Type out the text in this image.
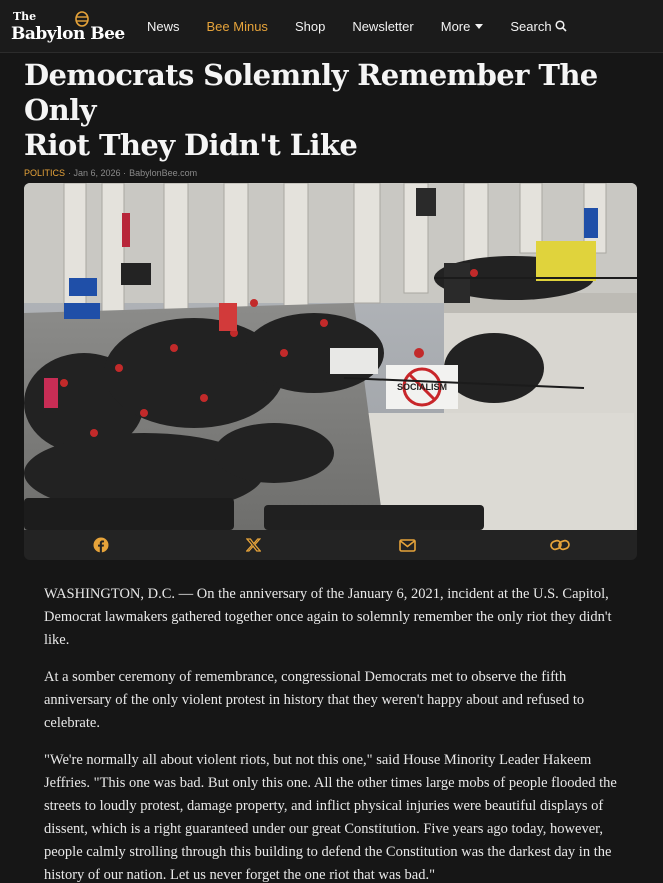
The
Babylon Bee News Bee Minus Shop Newsletter More	Search
Democrats Solemnly Remember The Only
Riot They Didn't Like
POLITICS · Jan 6, 2026 · BabylonBee.com
SOCIALISM

WASHINGTON, D.C. — On the anniversary of the January 6, 2021, incident at the U.S. Capitol, Democrat lawmakers gathered together once again to solemnly remember the only riot they didn't like.

At a somber ceremony of remembrance, congressional Democrats met to observe the fifth anniversary of the only violent protest in history that they weren't happy about and refused to celebrate.

"We're normally all about violent riots, but not this one," said House Minority Leader Hakeem Jeffries. "This one was bad. But only this one. All the other times large mobs of people flooded the streets to loudly protest, damage property, and inflict physical injuries were beautiful displays of dissent, which is a right guaranteed under our great Constitution. Five years ago today, however, people calmly strolling through this building to defend the Constitution was the darkest day in the history of our nation. Let us never forget the one riot that was bad."
